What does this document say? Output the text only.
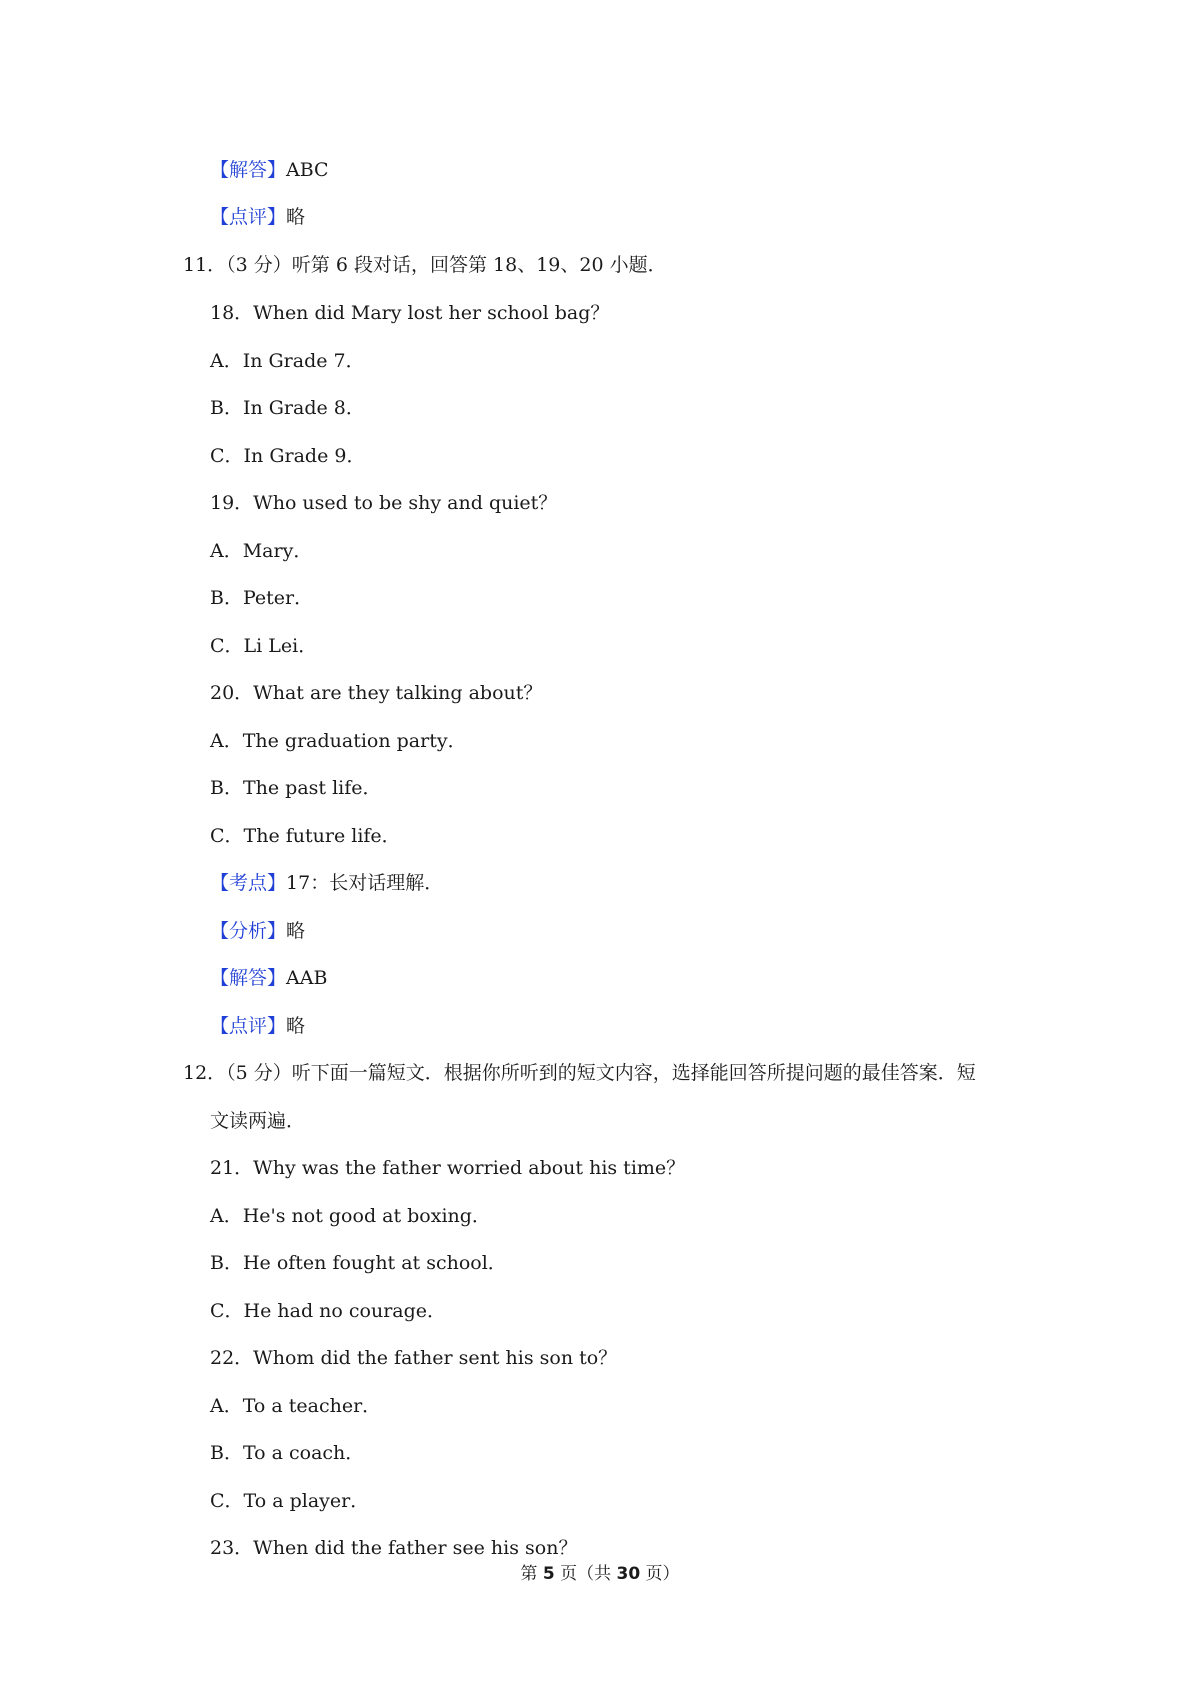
【解答】ABC
【点评】略
11．（3 分）听第 6 段对话，回答第 18、19、20 小题．
18．When did Mary lost her school bag？
A．In Grade 7．
B．In Grade 8．
C．In Grade 9．
19．Who used to be shy and quiet？
A．Mary．
B．Peter．
C．Li Lei．
20．What are they talking about？
A．The graduation party．
B．The past life．
C．The future life．
【考点】17：长对话理解．
【分析】略
【解答】AAB
【点评】略
12．（5 分）听下面一篇短文．根据你所听到的短文内容，选择能回答所提问题的最佳答案．短
文读两遍．
21．Why was the father worried about his time？
A．He's not good at boxing．
B．He often fought at school．
C．He had no courage．
22．Whom did the father sent his son to？
A．To a teacher．
B．To a coach．
C．To a player．
23．When did the father see his son？
第 5 页（共 30 页）
